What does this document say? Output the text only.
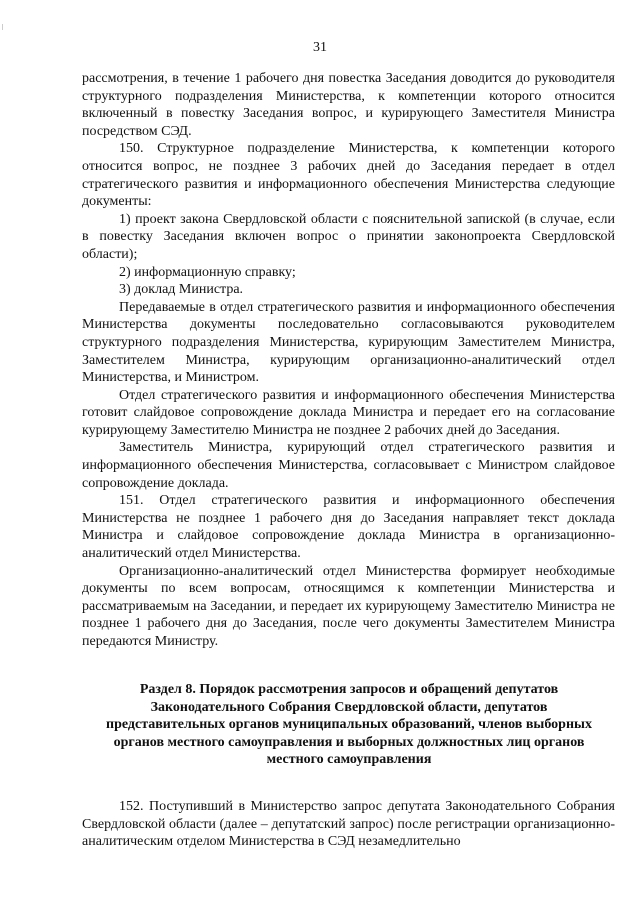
31

рассмотрения, в течение 1 рабочего дня повестка Заседания доводится до руководителя структурного подразделения Министерства, к компетенции которого относится включенный в повестку Заседания вопрос, и курирующего Заместителя Министра посредством СЭД.

150. Структурное подразделение Министерства, к компетенции которого относится вопрос, не позднее 3 рабочих дней до Заседания передает в отдел стратегического развития и информационного обеспечения Министерства следующие документы:

1) проект закона Свердловской области с пояснительной запиской (в случае, если в повестку Заседания включен вопрос о принятии законопроекта Свердловской области);

2) информационную справку;

3) доклад Министра.

Передаваемые в отдел стратегического развития и информационного обеспечения Министерства документы последовательно согласовываются руководителем структурного подразделения Министерства, курирующим Заместителем Министра, Заместителем Министра, курирующим организационно-аналитический отдел Министерства, и Министром.

Отдел стратегического развития и информационного обеспечения Министерства готовит слайдовое сопровождение доклада Министра и передает его на согласование курирующему Заместителю Министра не позднее 2 рабочих дней до Заседания.

Заместитель Министра, курирующий отдел стратегического развития и информационного обеспечения Министерства, согласовывает с Министром слайдовое сопровождение доклада.

151. Отдел стратегического развития и информационного обеспечения Министерства не позднее 1 рабочего дня до Заседания направляет текст доклада Министра и слайдовое сопровождение доклада Министра в организационно-аналитический отдел Министерства.

Организационно-аналитический отдел Министерства формирует необходимые документы по всем вопросам, относящимся к компетенции Министерства и рассматриваемым на Заседании, и передает их курирующему Заместителю Министра не позднее 1 рабочего дня до Заседания, после чего документы Заместителем Министра передаются Министру.

Раздел 8. Порядок рассмотрения запросов и обращений депутатов
Законодательного Собрания Свердловской области, депутатов
представительных органов муниципальных образований, членов выборных
органов местного самоуправления и выборных должностных лиц органов
местного самоуправления

152. Поступивший в Министерство запрос депутата Законодательного Собрания Свердловской области (далее – депутатский запрос) после регистрации организационно-аналитическим отделом Министерства в СЭД незамедлительно
